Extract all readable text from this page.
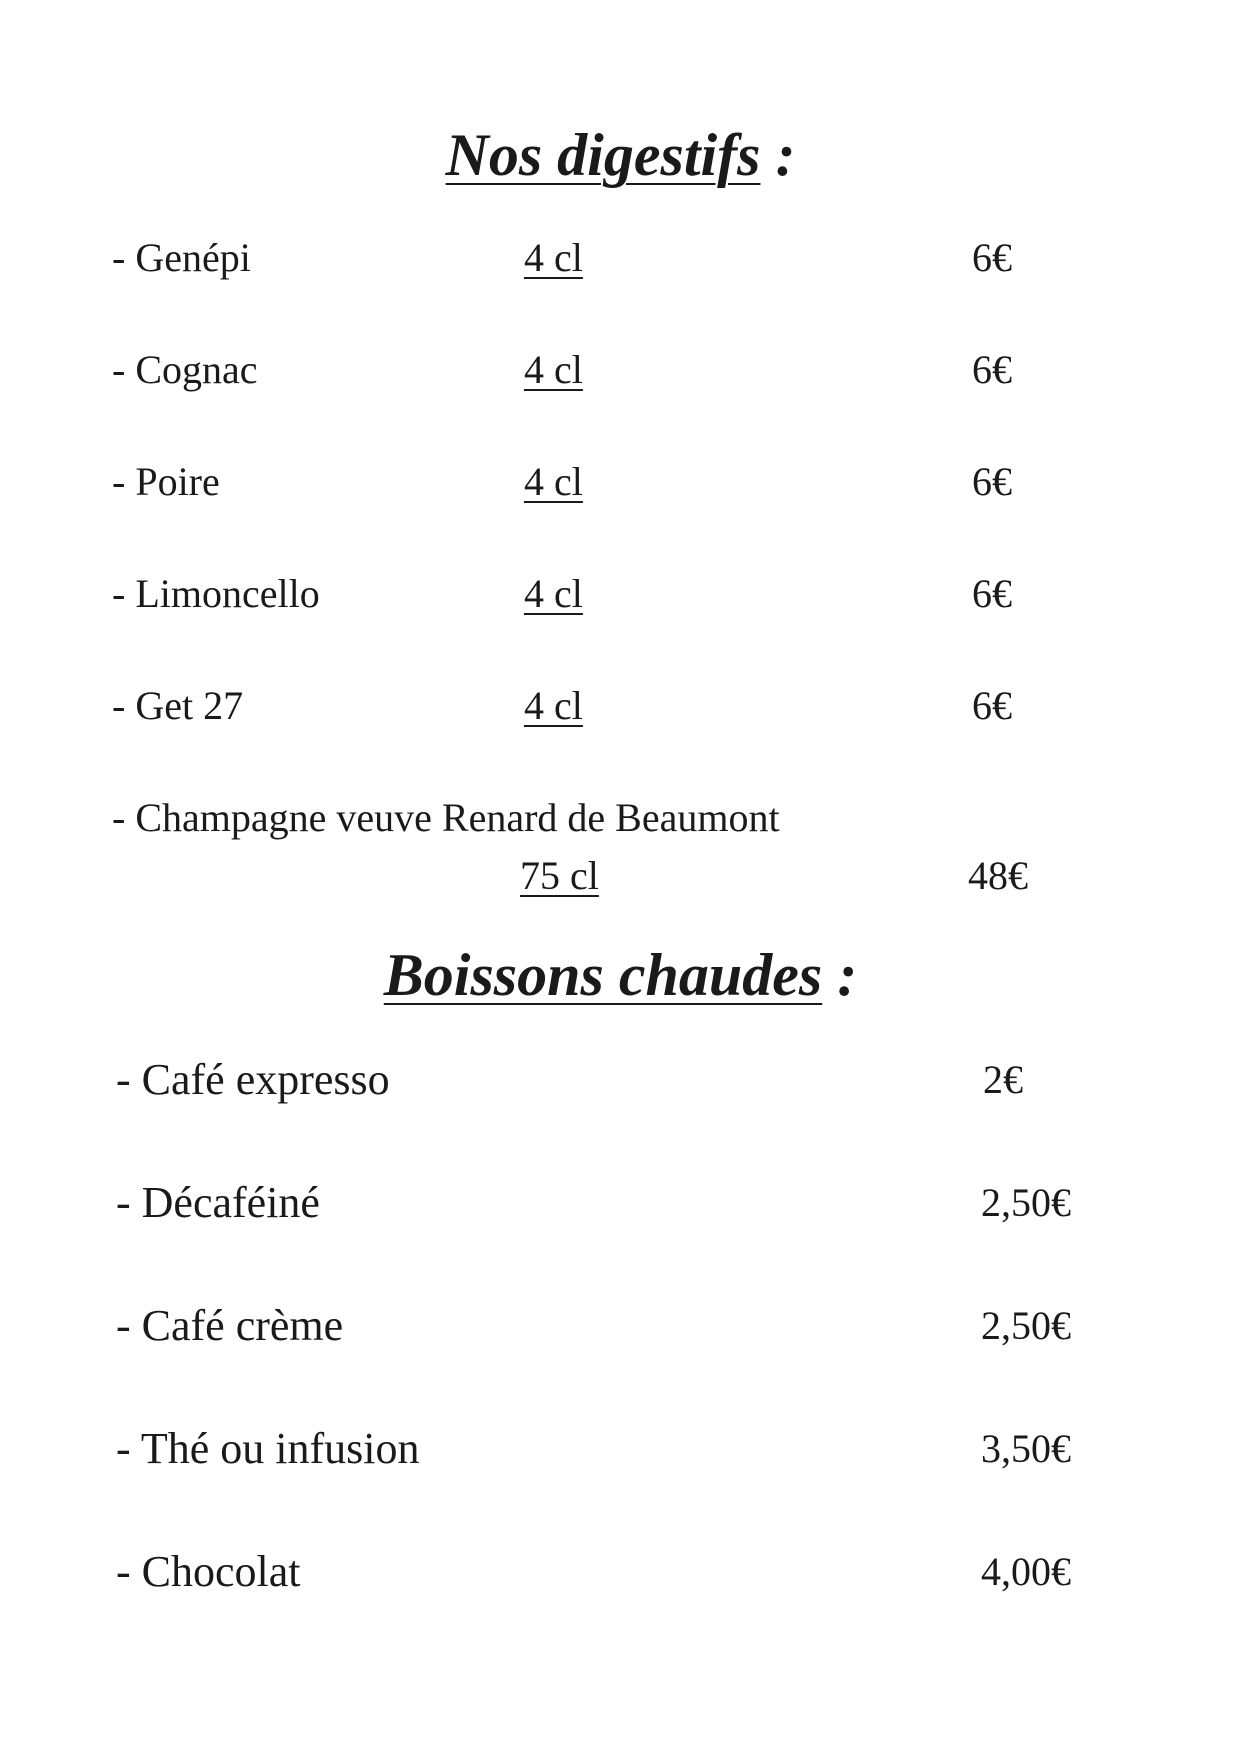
Nos digestifs :
- Genépi	4 cl	6€
- Cognac	4 cl	6€
- Poire	4 cl	6€
- Limoncello	4 cl	6€
- Get 27	4 cl	6€
- Champagne veuve Renard de Beaumont
75 cl	48€
Boissons chaudes :
- Café expresso	2€
- Décaféiné	2,50€
- Café crème	2,50€
- Thé ou infusion	3,50€
- Chocolat	4,00€
